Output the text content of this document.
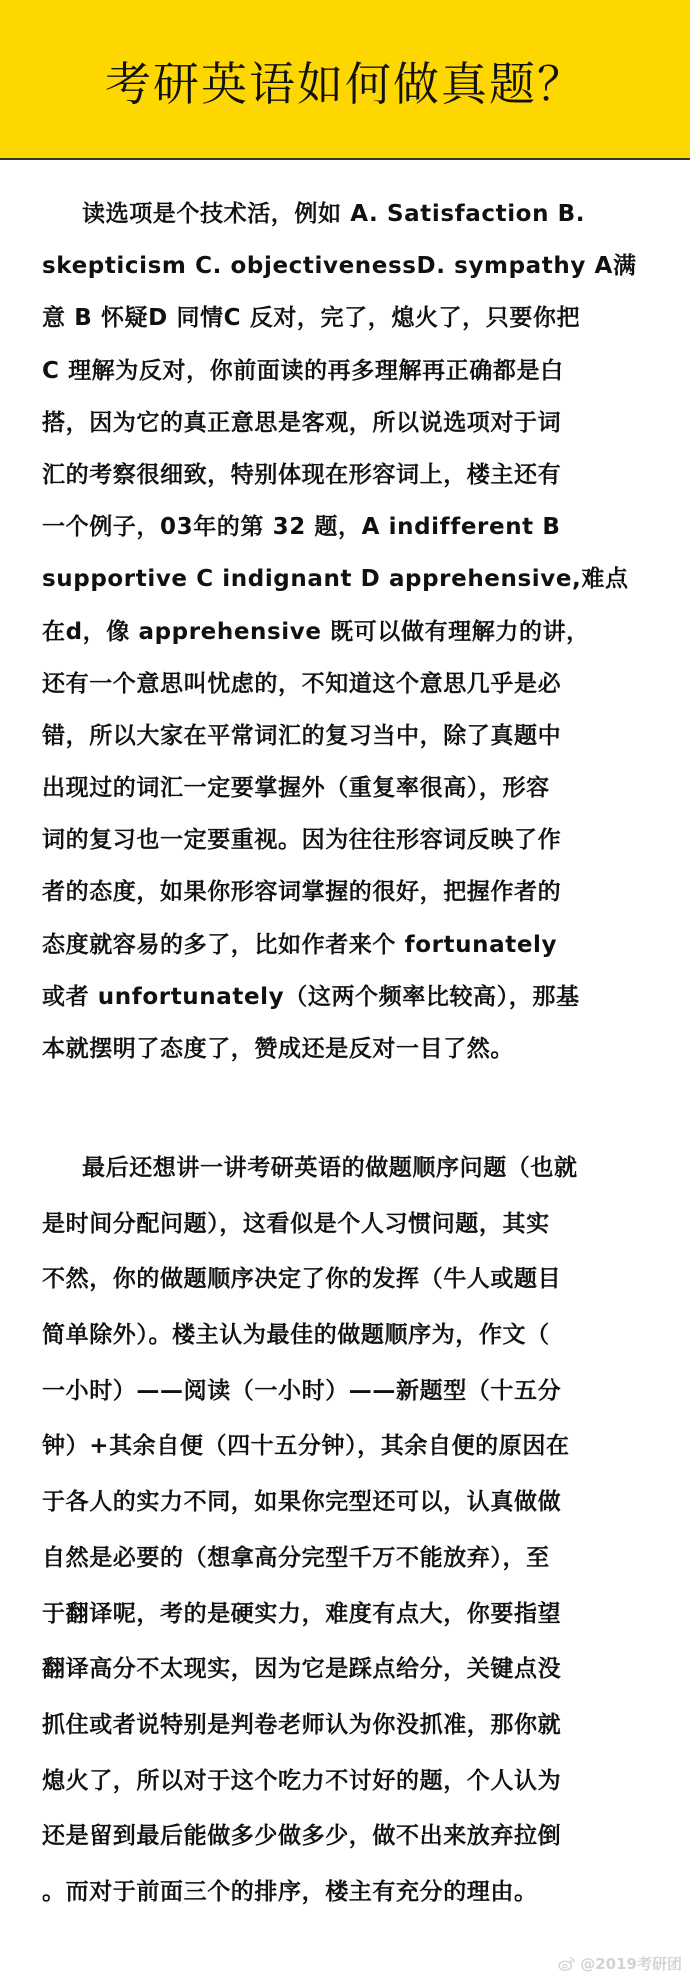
考研英语如何做真题？
读选项是个技术活，例如 A. Satisfaction B.
skepticism C. objectivenessD. sympathy A满
意 B 怀疑D 同情C 反对，完了，熄火了，只要你把
C 理解为反对，你前面读的再多理解再正确都是白
搭，因为它的真正意思是客观，所以说选项对于词
汇的考察很细致，特别体现在形容词上，楼主还有
一个例子，03年的第 32 题，A indifferent B
supportive C indignant D apprehensive,难点
在d，像 apprehensive 既可以做有理解力的讲，
还有一个意思叫忧虑的，不知道这个意思几乎是必
错，所以大家在平常词汇的复习当中，除了真题中
出现过的词汇一定要掌握外（重复率很高），形容
词的复习也一定要重视。因为往往形容词反映了作
者的态度，如果你形容词掌握的很好，把握作者的
态度就容易的多了，比如作者来个 fortunately
或者 unfortunately（这两个频率比较高），那基
本就摆明了态度了，赞成还是反对一目了然。
最后还想讲一讲考研英语的做题顺序问题（也就
是时间分配问题），这看似是个人习惯问题，其实
不然，你的做题顺序决定了你的发挥（牛人或题目
简单除外）。楼主认为最佳的做题顺序为，作文（
一小时）——阅读（一小时）——新题型（十五分
钟）+其余自便（四十五分钟），其余自便的原因在
于各人的实力不同，如果你完型还可以，认真做做
自然是必要的（想拿高分完型千万不能放弃），至
于翻译呢，考的是硬实力，难度有点大，你要指望
翻译高分不太现实，因为它是踩点给分，关键点没
抓住或者说特别是判卷老师认为你没抓准，那你就
熄火了，所以对于这个吃力不讨好的题，个人认为
还是留到最后能做多少做多少，做不出来放弃拉倒
。而对于前面三个的排序，楼主有充分的理由。
@2019考研团
